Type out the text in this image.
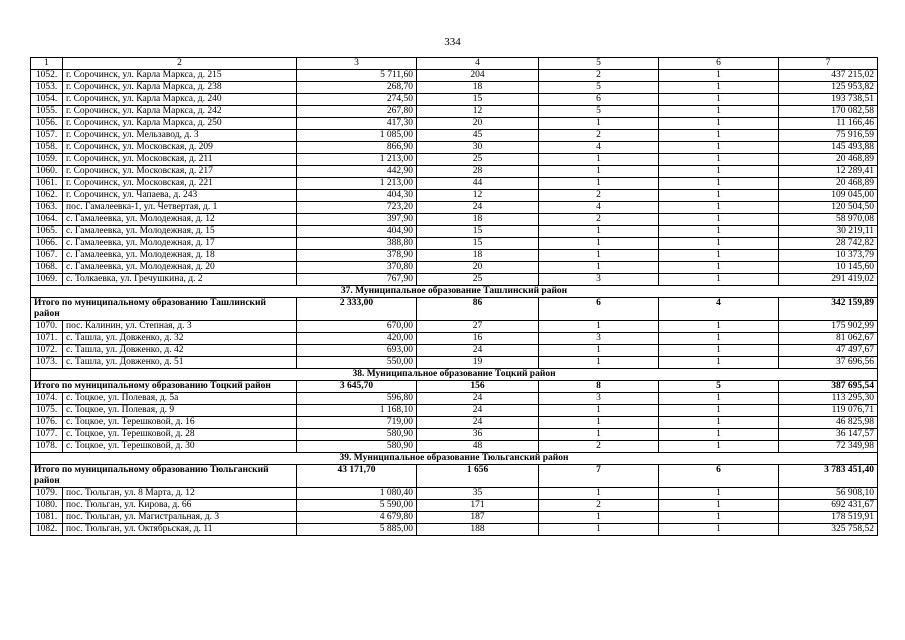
334
1	2	3	4	5	6	7
1052.	г. Сорочинск, ул. Карла Маркса, д. 215	5 711,60	204	2	1	437 215,02
1053.	г. Сорочинск, ул. Карла Маркса, д. 238	268,70	18	5	1	125 953,82
1054.	г. Сорочинск, ул. Карла Маркса, д. 240	274,50	15	6	1	193 738,51
1055.	г. Сорочинск, ул. Карла Маркса, д. 242	267,80	12	5	1	170 082,58
1056.	г. Сорочинск, ул. Карла Маркса, д. 250	417,30	20	1	1	11 166,46
1057.	г. Сорочинск, ул. Мельзавод, д. 3	1 085,00	45	2	1	75 916,59
1058.	г. Сорочинск, ул. Московская, д. 209	866,90	30	4	1	145 493,88
1059.	г. Сорочинск, ул. Московская, д. 211	1 213,00	25	1	1	20 468,89
1060.	г. Сорочинск, ул. Московская, д. 217	442,90	28	1	1	12 289,41
1061.	г. Сорочинск, ул. Московская, д. 221	1 213,00	44	1	1	20 468,89
1062.	г. Сорочинск, ул. Чапаева, д. 243	404,30	12	2	1	109 045,00
1063.	пос. Гамалеевка-1, ул. Четвертая, д. 1	723,20	24	4	1	120 504,50
1064.	с. Гамалеевка, ул. Молодежная, д. 12	397,90	18	2	1	58 970,08
1065.	с. Гамалеевка, ул. Молодежная, д. 15	404,90	15	1	1	30 219,11
1066.	с. Гамалеевка, ул. Молодежная, д. 17	388,80	15	1	1	28 742,82
1067.	с. Гамалеевка, ул. Молодежная, д. 18	378,90	18	1	1	10 373,79
1068.	с. Гамалеевка, ул. Молодежная, д. 20	370,80	20	1	1	10 145,60
1069.	с. Толкаевка, ул. Гречушкина, д. 2	767,90	25	3	1	291 419,02
37. Муниципальное образование Ташлинский район						
Итого по муниципальному образованию Ташлинский район		2 333,00	86	6	4	342 159,89
1070.	пос. Калинин, ул. Степная, д. 3	670,00	27	1	1	175 902,99
1071.	с. Ташла, ул. Довженко, д. 32	420,00	16	3	1	81 062,67
1072.	с. Ташла, ул. Довженко, д. 42	693,00	24	1	1	47 497,67
1073.	с. Ташла, ул. Довженко, д. 51	550,00	19	1	1	37 696,56
38. Муниципальное образование Тоцкий район						
Итого по муниципальному образованию Тоцкий район		3 645,70	156	8	5	387 695,54
1074.	с. Тоцкое, ул. Полевая, д. 5а	596,80	24	3	1	113 295,30
1075.	с. Тоцкое, ул. Полевая, д. 9	1 168,10	24	1	1	119 076,71
1076.	с. Тоцкое, ул. Терешковой, д. 16	719,00	24	1	1	46 825,98
1077.	с. Тоцкое, ул. Терешковой, д. 28	580,90	36	1	1	36 147,57
1078.	с. Тоцкое, ул. Терешковой, д. 30	580,90	48	2	1	72 349,98
39. Муниципальное образование Тюльганский район						
Итого по муниципальному образованию Тюльганский район		43 171,70	1 656	7	6	3 783 451,40
1079.	пос. Тюльган, ул. 8 Марта, д. 12	1 080,40	35	1	1	56 908,10
1080.	пос. Тюльган, ул. Кирова, д. 66	5 590,00	171	2	1	692 431,67
1081.	пос. Тюльган, ул. Магистральная, д. 3	4 679,80	187	1	1	178 519,91
1082.	пос. Тюльган, ул. Октябрьская, д. 11	5 885,00	188	1	1	325 758,52
